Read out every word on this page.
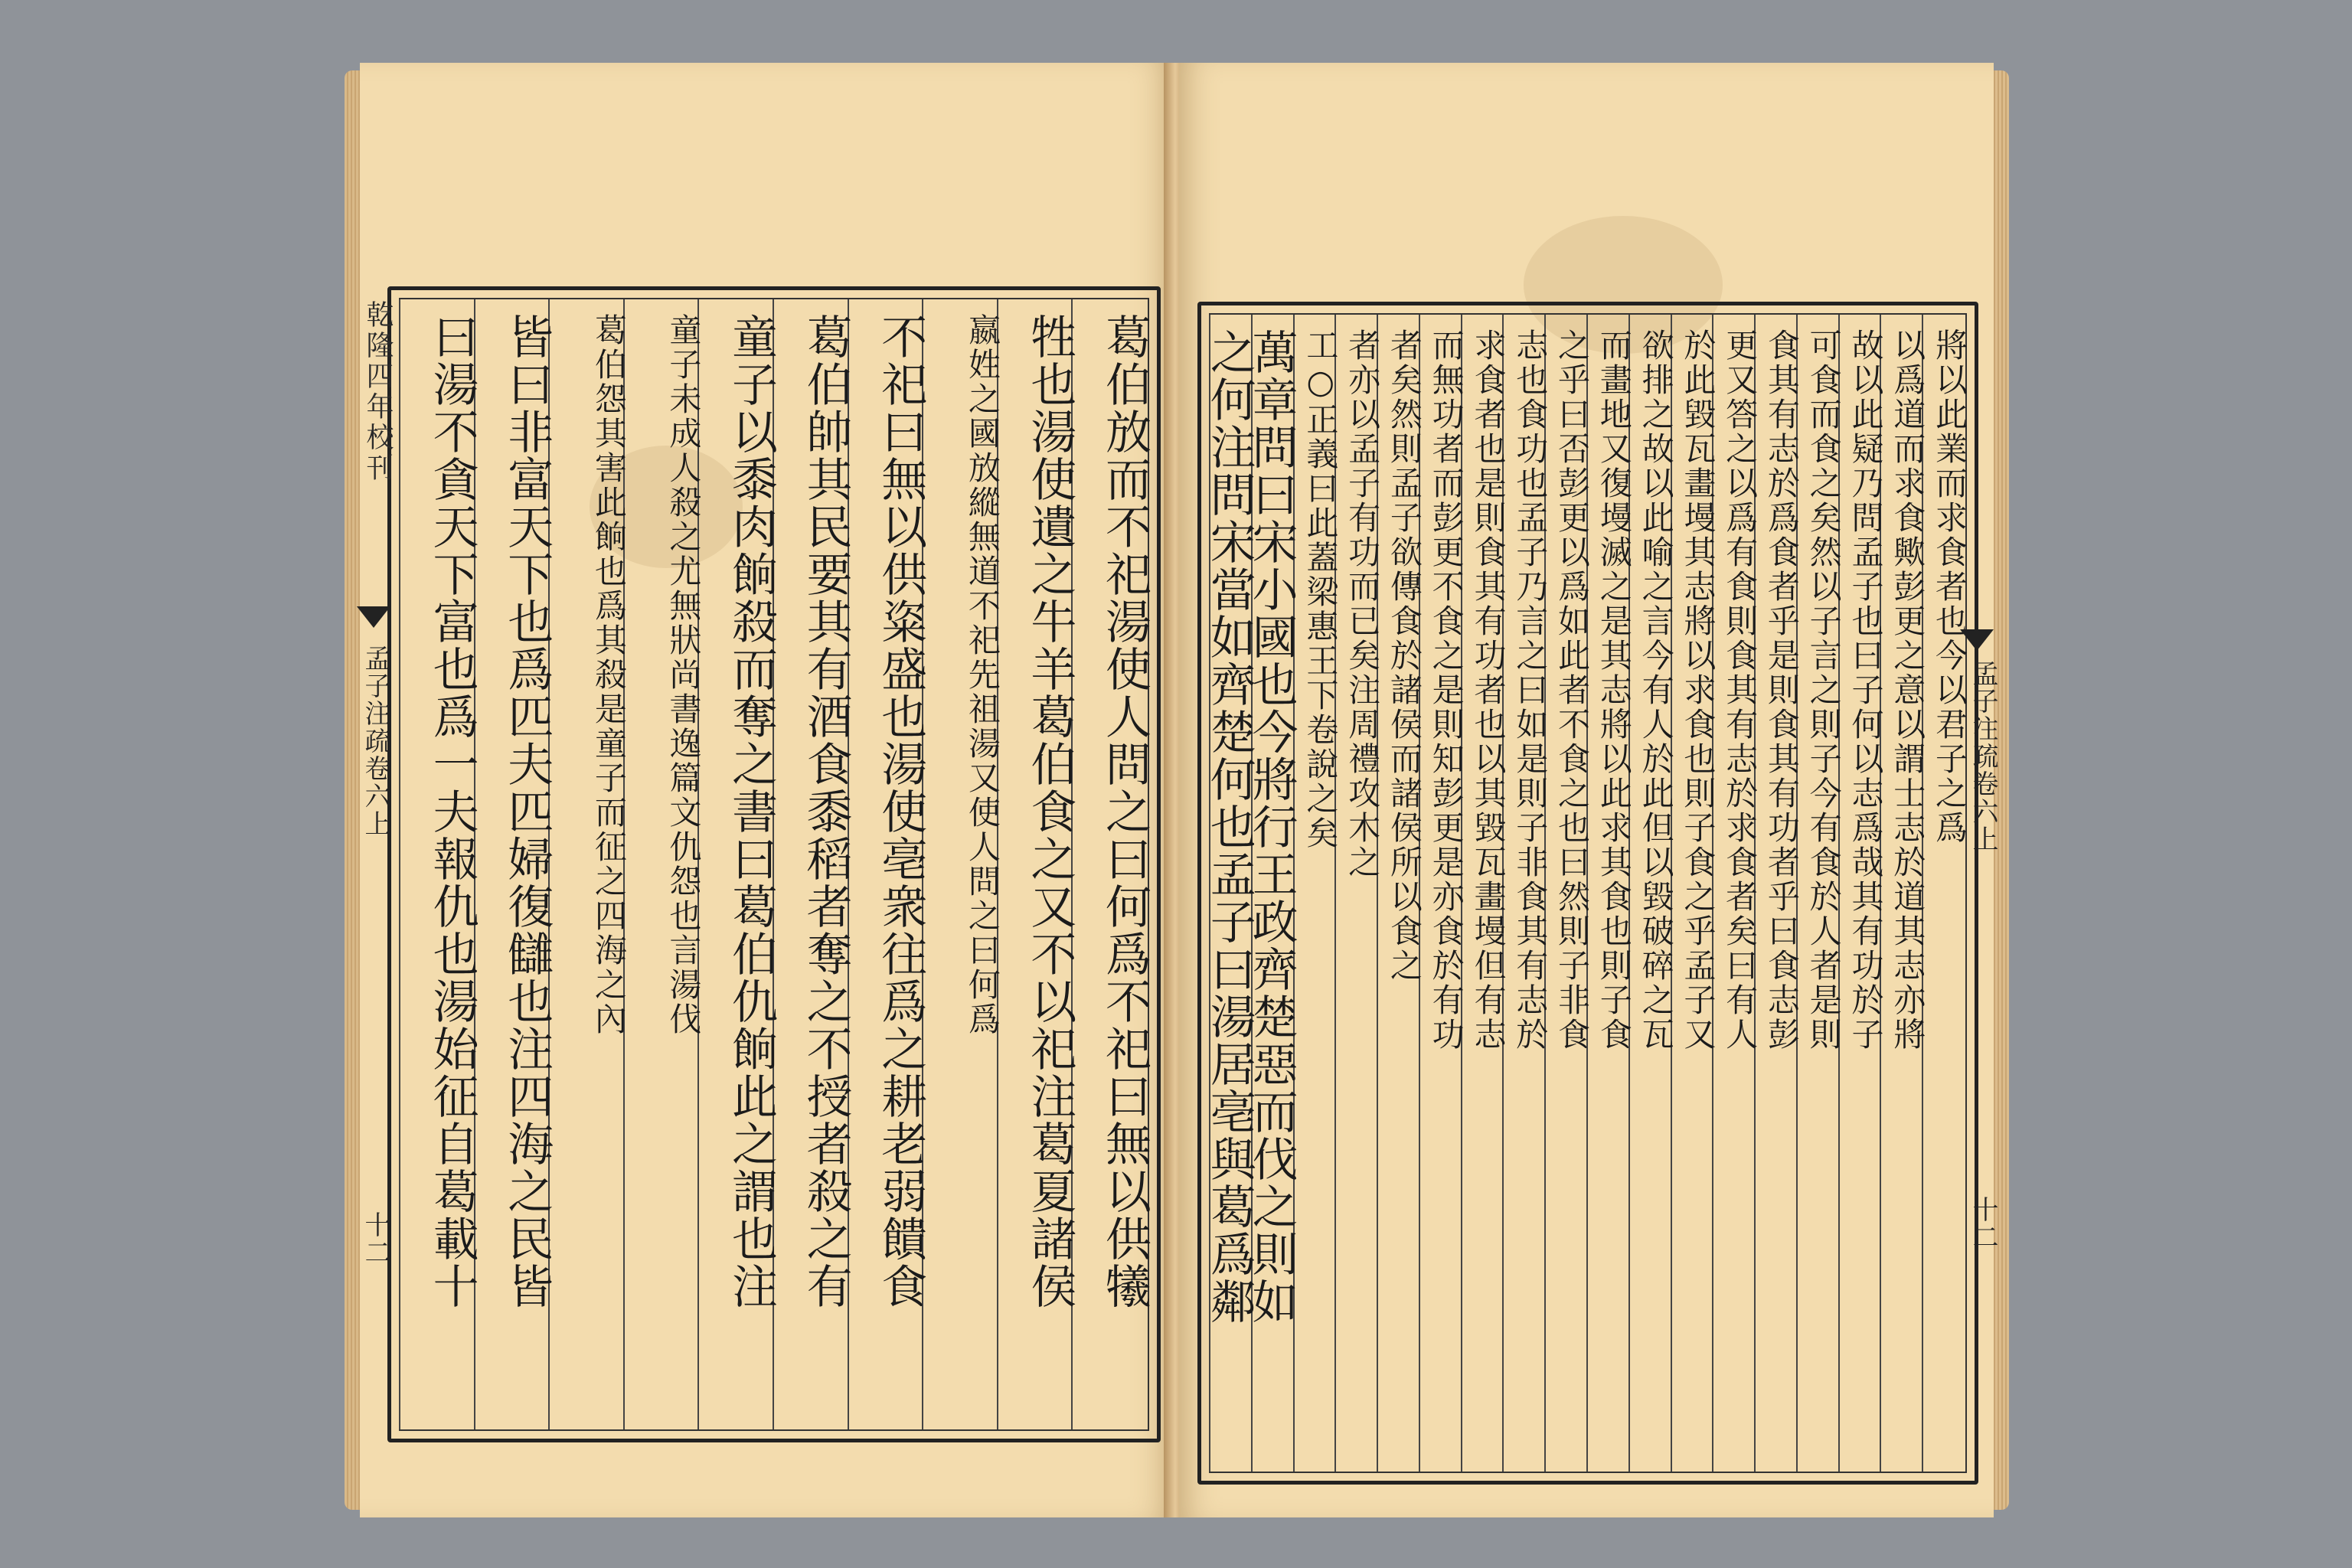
葛伯放而不祀湯使人問之曰何爲不祀曰無以供犧
牲也湯使遺之牛羊葛伯食之又不以祀注葛夏諸侯
嬴姓之國放縱無道不祀先祖湯又使人問之曰何爲
不祀曰無以供粢盛也湯使亳衆往爲之耕老弱饋食
葛伯帥其民要其有酒食黍稻者奪之不授者殺之有
童子以黍肉餉殺而奪之書曰葛伯仇餉此之謂也注
童子未成人殺之尤無狀尚書逸篇文仇怨也言湯伐
葛伯怨其害此餉也爲其殺是童子而征之四海之內
皆曰非富天下也爲匹夫匹婦復讎也注四海之民皆
曰湯不貪天下富也爲一夫報仇也湯始征自葛載十
乾隆四年校刊
孟子注疏卷六上
十二
將以此業而求食者也今以君子之爲
以爲道而求食歟彭更之意以謂士志於道其志亦將
故以此疑乃問孟子也曰子何以志爲哉其有功於子
可食而食之矣然以子言之則子今有食於人者是則
食其有志於爲食者乎是則食其有功者乎曰食志彭
更又答之以爲有食則食其有志於求食者矣曰有人
於此毀瓦畫墁其志將以求食也則子食之乎孟子又
欲排之故以此喻之言今有人於此但以毀破碎之瓦
而畫地又復墁滅之是其志將以此求其食也則子食
之乎曰否彭更以爲如此者不食之也曰然則子非食
志也食功也孟子乃言之曰如是則子非食其有志於
求食者也是則食其有功者也以其毀瓦畫墁但有志
而無功者而彭更不食之是則知彭更是亦食於有功
者矣然則孟子欲傳食於諸侯而諸侯所以食之
者亦以孟子有功而已矣注周禮攻木之
工○正義曰此蓋梁惠王下卷說之矣
萬章問曰宋小國也今將行王政齊楚惡而伐之則如
之何注問宋當如齊楚何也孟子曰湯居亳與葛爲鄰	孟子注疏卷六上
十二
